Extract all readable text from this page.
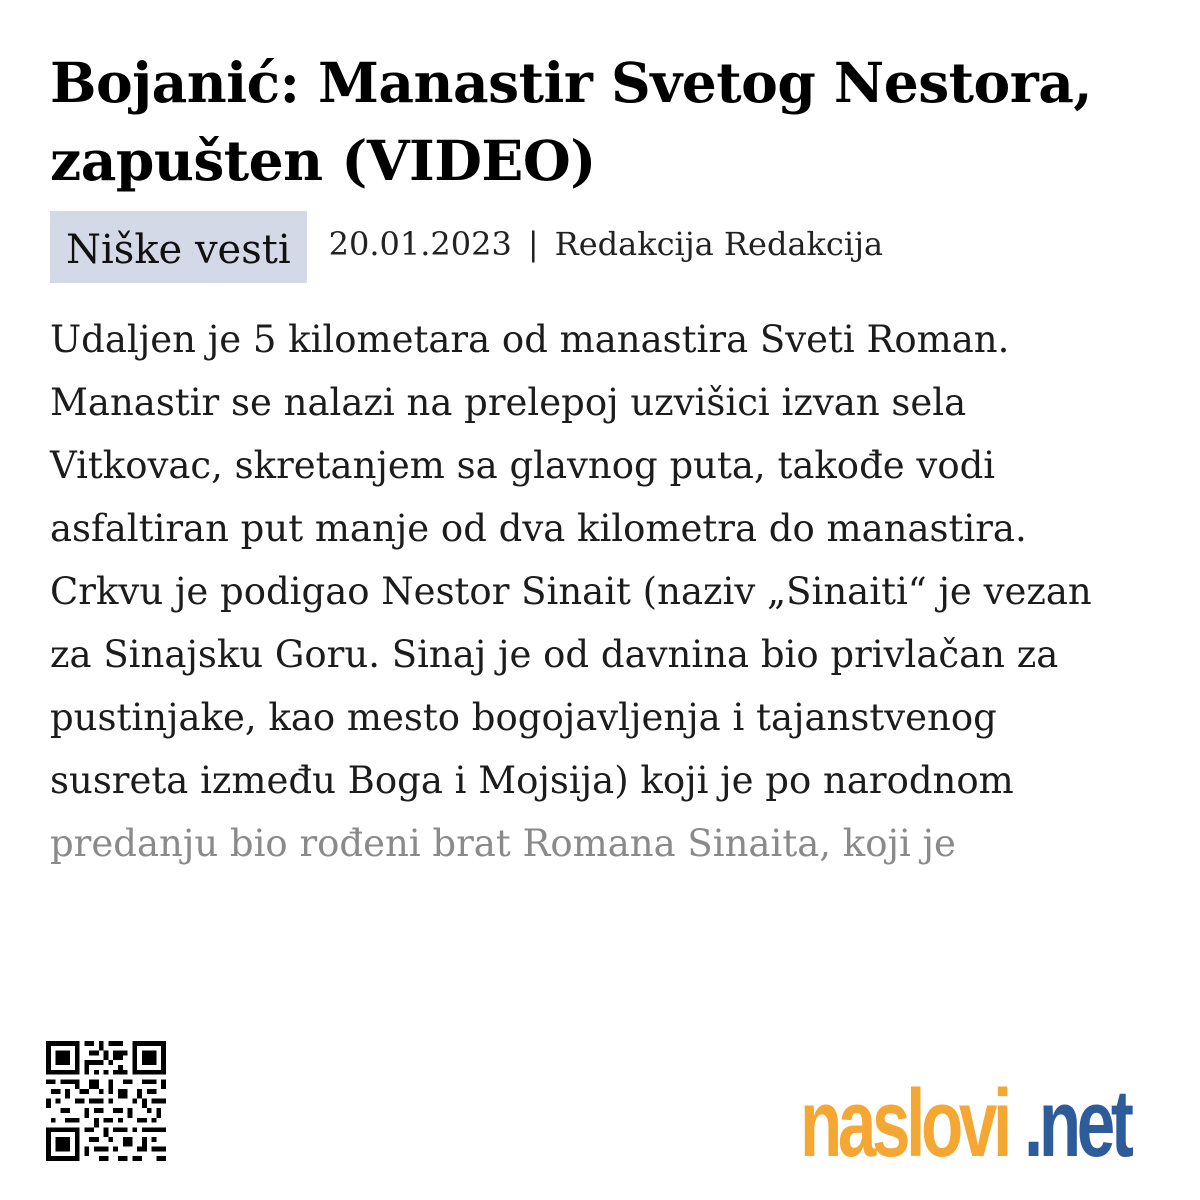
Bojanić: Manastir Svetog Nestora, zapušten (VIDEO)
Niške vesti	20.01.2023 | Redakcija Redakcija
Udaljen je 5 kilometara od manastira Sveti Roman.
Manastir se nalazi na prelepoj uzvišici izvan sela
Vitkovac, skretanjem sa glavnog puta, takođe vodi
asfaltiran put manje od dva kilometra do manastira.
Crkvu je podigao Nestor Sinait (naziv „Sinaiti“ je vezan
za Sinajsku Goru. Sinaj je od davnina bio privlačan za
pustinjake, kao mesto bogojavljenja i tajanstvenog
susreta između Boga i Mojsija) koji je po narodnom
predanju bio rođeni brat Romana Sinaita, koji je
naslovi .net
